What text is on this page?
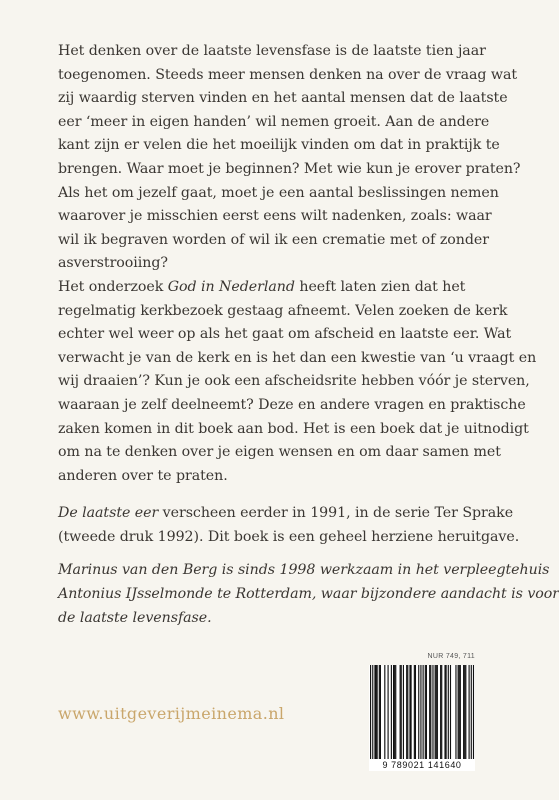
Het denken over de laatste levensfase is de laatste tien jaar
toegenomen. Steeds meer mensen denken na over de vraag wat
zij waardig sterven vinden en het aantal mensen dat de laatste
eer ‘meer in eigen handen’ wil nemen groeit. Aan de andere
kant zijn er velen die het moeilijk vinden om dat in praktijk te
brengen. Waar moet je beginnen? Met wie kun je erover praten?
Als het om jezelf gaat, moet je een aantal beslissingen nemen
waarover je misschien eerst eens wilt nadenken, zoals: waar
wil ik begraven worden of wil ik een crematie met of zonder
asverstrooiing?
Het onderzoek God in Nederland heeft laten zien dat het
regelmatig kerkbezoek gestaag afneemt. Velen zoeken de kerk
echter wel weer op als het gaat om afscheid en laatste eer. Wat
verwacht je van de kerk en is het dan een kwestie van ‘u vraagt en
wij draaien’? Kun je ook een afscheidsrite hebben vóór je sterven,
waaraan je zelf deelneemt? Deze en andere vragen en praktische
zaken komen in dit boek aan bod. Het is een boek dat je uitnodigt
om na te denken over je eigen wensen en om daar samen met
anderen over te praten.
De laatste eer verscheen eerder in 1991, in de serie Ter Sprake
(tweede druk 1992). Dit boek is een geheel herziene heruitgave.
Marinus van den Berg is sinds 1998 werkzaam in het verpleegtehuis
Antonius IJsselmonde te Rotterdam, waar bijzondere aandacht is voor
de laatste levensfase.
www.uitgeverijmeinema.nl
NUR 749, 711
9 789021 141640
